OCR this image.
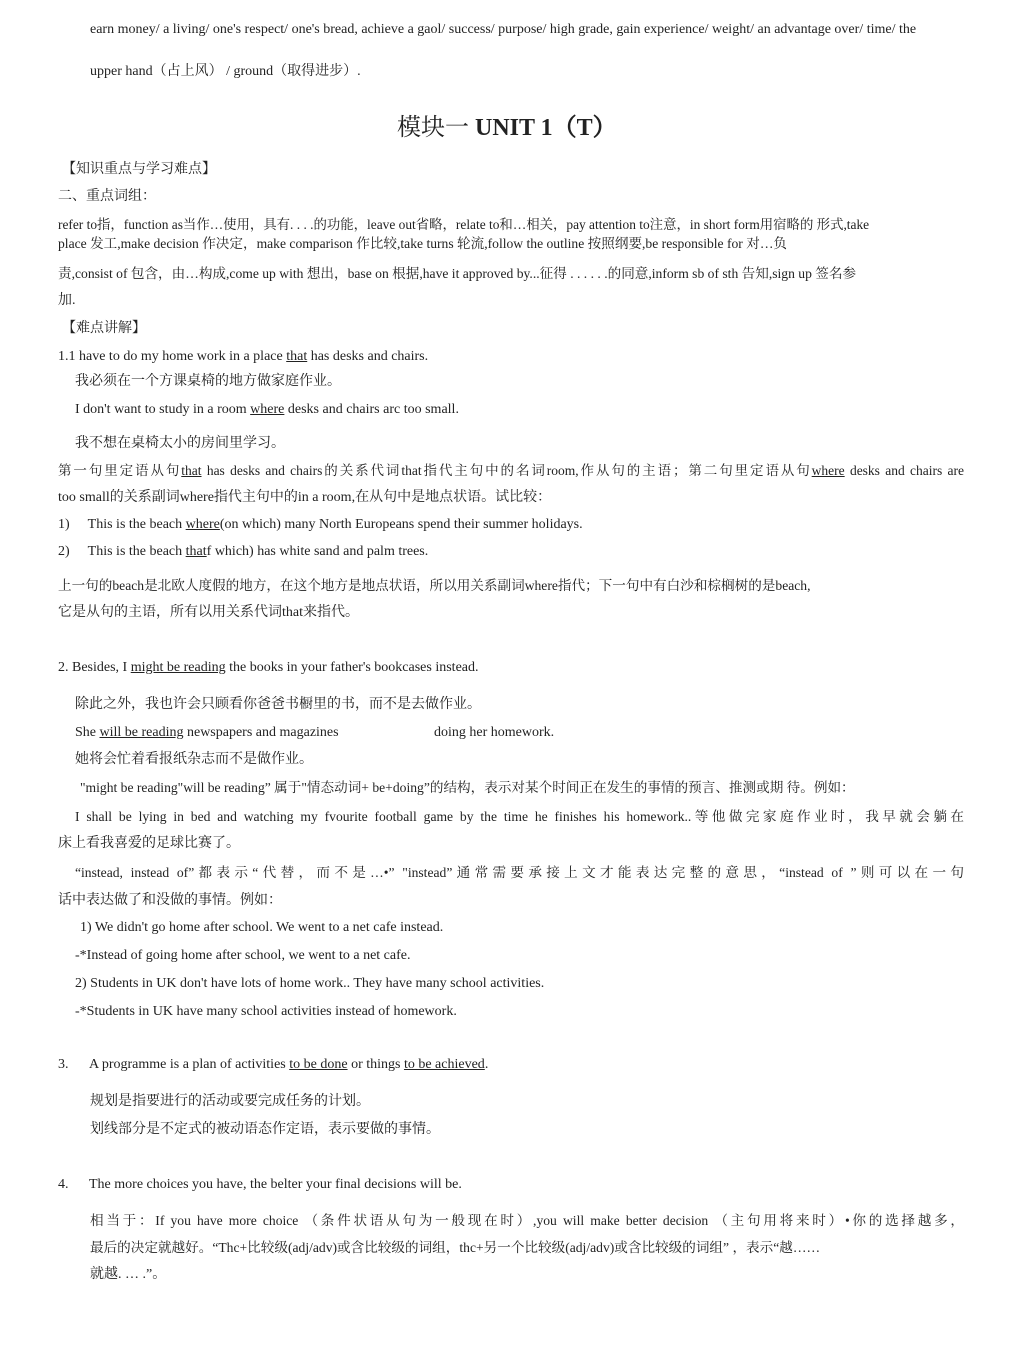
earn money/ a living/ one's respect/ one's bread, achieve a gaol/ success/ purpose/ high grade, gain experience/ weight/ an advantage over/ time/ the
upper hand（占上风） / ground（取得进步）.
模块一 UNIT 1（T）
【知识重点与学习难点】
二、重点词组：
refer to指，function as当作…使用，具有. . . .的功能，leave out省略，relate to和…相关，pay attention to注意，in short form用宿略的 形式,take
place 发工,make decision 作决定，make comparison 作比较,take turns 轮流,follow the outline 按照纲要,be responsible for 对…负
责,consist of 包含，由…构成,come up with 想出，base on 根据,have it approved by...征得 . . . . . .的同意,inform sb of sth 告知,sign up 签名参
加.
【难点讲解】
1.1 have to do my home work in a place that has desks and chairs.
我必须在一个方课桌椅的地方做家庭作业。
I don't want to study in a room where desks and chairs arc too small.
我不想在桌椅太小的房间里学习。
第一句里定语从句that has desks and chairs的关系代词that指代主句中的名词room,作从句的主语；第二句里定语从句where desks and chairs are
too small的关系副词where指代主句中的in a room,在从句中是地点状语。试比较：
1) This is the beach where(on which) many North Europeans spend their summer holidays.
2) This is the beach thatf which) has white sand and palm trees.
上一句的beach是北欧人度假的地方，在这个地方是地点状语，所以用关系副词where指代；下一句中有白沙和棕榈树的是beach,
它是从句的主语，所有以用关系代词that来指代。
2. Besides, I might be reading the books in your father's bookcases instead.
除此之外，我也许会只顾看你爸爸书橱里的书，而不是去做作业。
She will be reading newspapers and magazines	doing her homework.
她将会忙着看报纸杂志而不是做作业。
"might be reading"will be reading” 属于"情态动词+ be+doing”的结构，表示对某个时间正在发生的事情的预言、推测或期 待。例如：
I shall be lying in bed and watching my fvourite football game by the time he finishes his homework..等他做完家庭作业时，我早就会躺在
床上看我喜爱的足球比赛了。
“instead, instead of”都表示“代替，而不是…•” "instead”通常需要承接上文才能表达完整的意思，“instead of ”则可以在一句
话中表达做了和没做的事情。例如：
1) We didn't go home after school. We went to a net cafe instead.
-*Instead of going home after school, we went to a net cafe.
2) Students in UK don't have lots of home work.. They have many school activities.
-*Students in UK have many school activities instead of homework.
3. A programme is a plan of activities to be done or things to be achieved.
规划是指要进行的活动或要完成任务的计划。
划线部分是不定式的被动语态作定语，表示要做的事情。
4. The more choices you have, the belter your final decisions will be.
相当于：If you have more choice （条件状语从句为一般现在时）,you will make better decision （主句用将来时）•你的选择越多，
最后的决定就越好。“Thc+比较级(adj/adv)或含比较级的词组，thc+另一个比较级(adj/adv)或含比较级的词组” ，表示“越……
就越. … .”。
